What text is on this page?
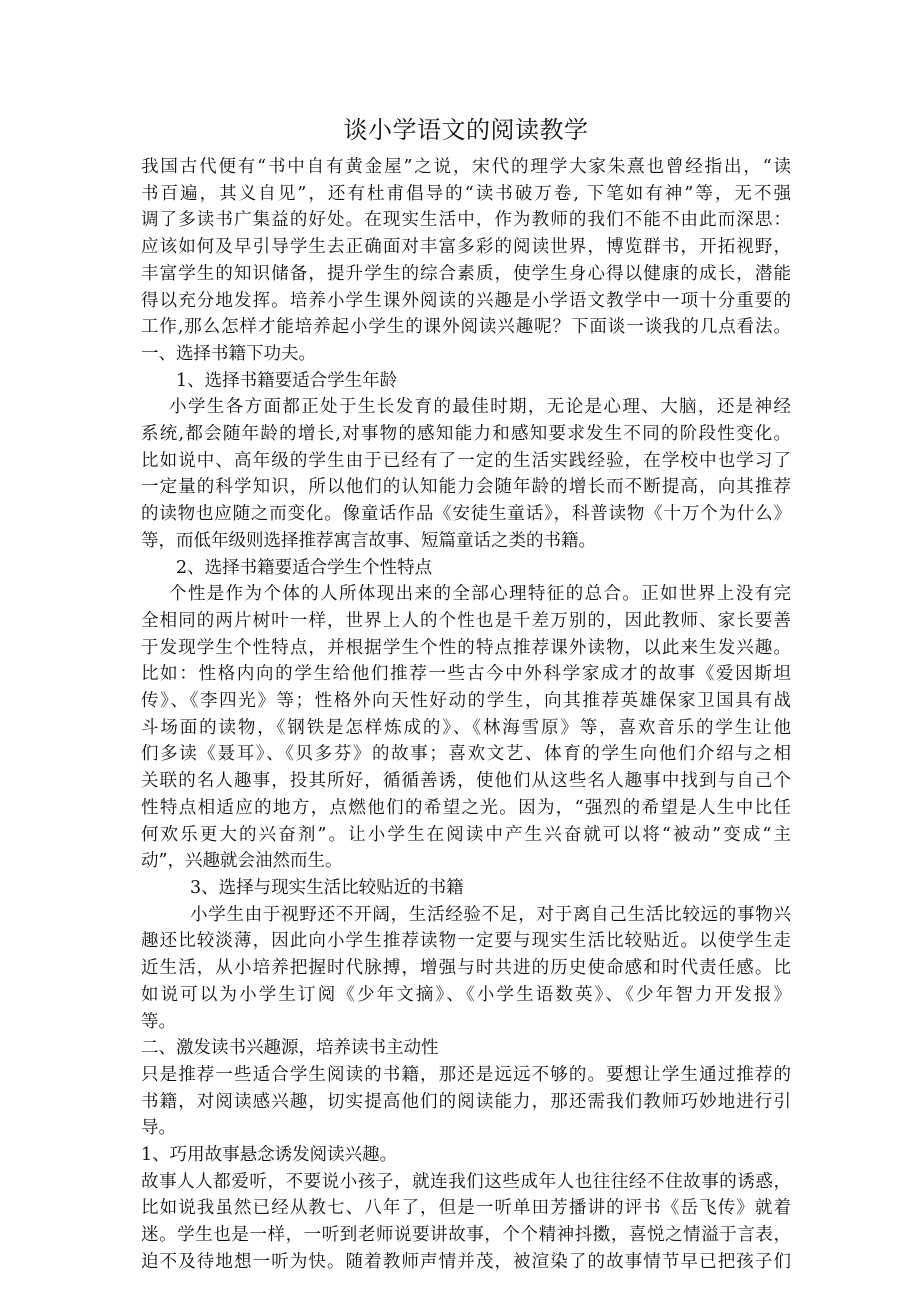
谈小学语文的阅读教学
我国古代便有“书中自有黄金屋”之说，宋代的理学大家朱熹也曾经指出，“读
书百遍，其义自见”，还有杜甫倡导的“读书破万卷, 下笔如有神”等，无不强
调了多读书广集益的好处。在现实生活中，作为教师的我们不能不由此而深思：
应该如何及早引导学生去正确面对丰富多彩的阅读世界，博览群书，开拓视野，
丰富学生的知识储备，提升学生的综合素质，使学生身心得以健康的成长，潜能
得以充分地发挥。培养小学生课外阅读的兴趣是小学语文教学中一项十分重要的
工作,那么怎样才能培养起小学生的课外阅读兴趣呢？下面谈一谈我的几点看法。
一、选择书籍下功夫。
1、选择书籍要适合学生年龄
小学生各方面都正处于生长发育的最佳时期，无论是心理、大脑，还是神经
系统,都会随年龄的增长,对事物的感知能力和感知要求发生不同的阶段性变化。
比如说中、高年级的学生由于已经有了一定的生活实践经验，在学校中也学习了
一定量的科学知识，所以他们的认知能力会随年龄的增长而不断提高，向其推荐
的读物也应随之而变化。像童话作品《安徒生童话》，科普读物《十万个为什么》
等，而低年级则选择推荐寓言故事、短篇童话之类的书籍。
2、选择书籍要适合学生个性特点
个性是作为个体的人所体现出来的全部心理特征的总合。正如世界上没有完
全相同的两片树叶一样，世界上人的个性也是千差万别的，因此教师、家长要善
于发现学生个性特点，并根据学生个性的特点推荐课外读物，以此来生发兴趣。
比如：性格内向的学生给他们推荐一些古今中外科学家成才的故事《爱因斯坦
传》、《李四光》等；性格外向天性好动的学生，向其推荐英雄保家卫国具有战
斗场面的读物，《钢铁是怎样炼成的》、《林海雪原》等，喜欢音乐的学生让他
们多读《聂耳》、《贝多芬》的故事；喜欢文艺、体育的学生向他们介绍与之相
关联的名人趣事，投其所好，循循善诱，使他们从这些名人趣事中找到与自己个
性特点相适应的地方，点燃他们的希望之光。因为，“强烈的希望是人生中比任
何欢乐更大的兴奋剂”。让小学生在阅读中产生兴奋就可以将“被动”变成“主
动”，兴趣就会油然而生。
3、选择与现实生活比较贴近的书籍
小学生由于视野还不开阔，生活经验不足，对于离自己生活比较远的事物兴
趣还比较淡薄，因此向小学生推荐读物一定要与现实生活比较贴近。以使学生走
近生活，从小培养把握时代脉搏，增强与时共进的历史使命感和时代责任感。比
如说可以为小学生订阅《少年文摘》、《小学生语数英》、《少年智力开发报》
等。
二、激发读书兴趣源，培养读书主动性
只是推荐一些适合学生阅读的书籍，那还是远远不够的。要想让学生通过推荐的
书籍，对阅读感兴趣，切实提高他们的阅读能力，那还需我们教师巧妙地进行引
导。
1、巧用故事悬念诱发阅读兴趣。
故事人人都爱听，不要说小孩子，就连我们这些成年人也往往经不住故事的诱惑，
比如说我虽然已经从教七、八年了，但是一听单田芳播讲的评书《岳飞传》就着
迷。学生也是一样，一听到老师说要讲故事，个个精神抖擞，喜悦之情溢于言表，
迫不及待地想一听为快。随着教师声情并茂，被渲染了的故事情节早已把孩子们
